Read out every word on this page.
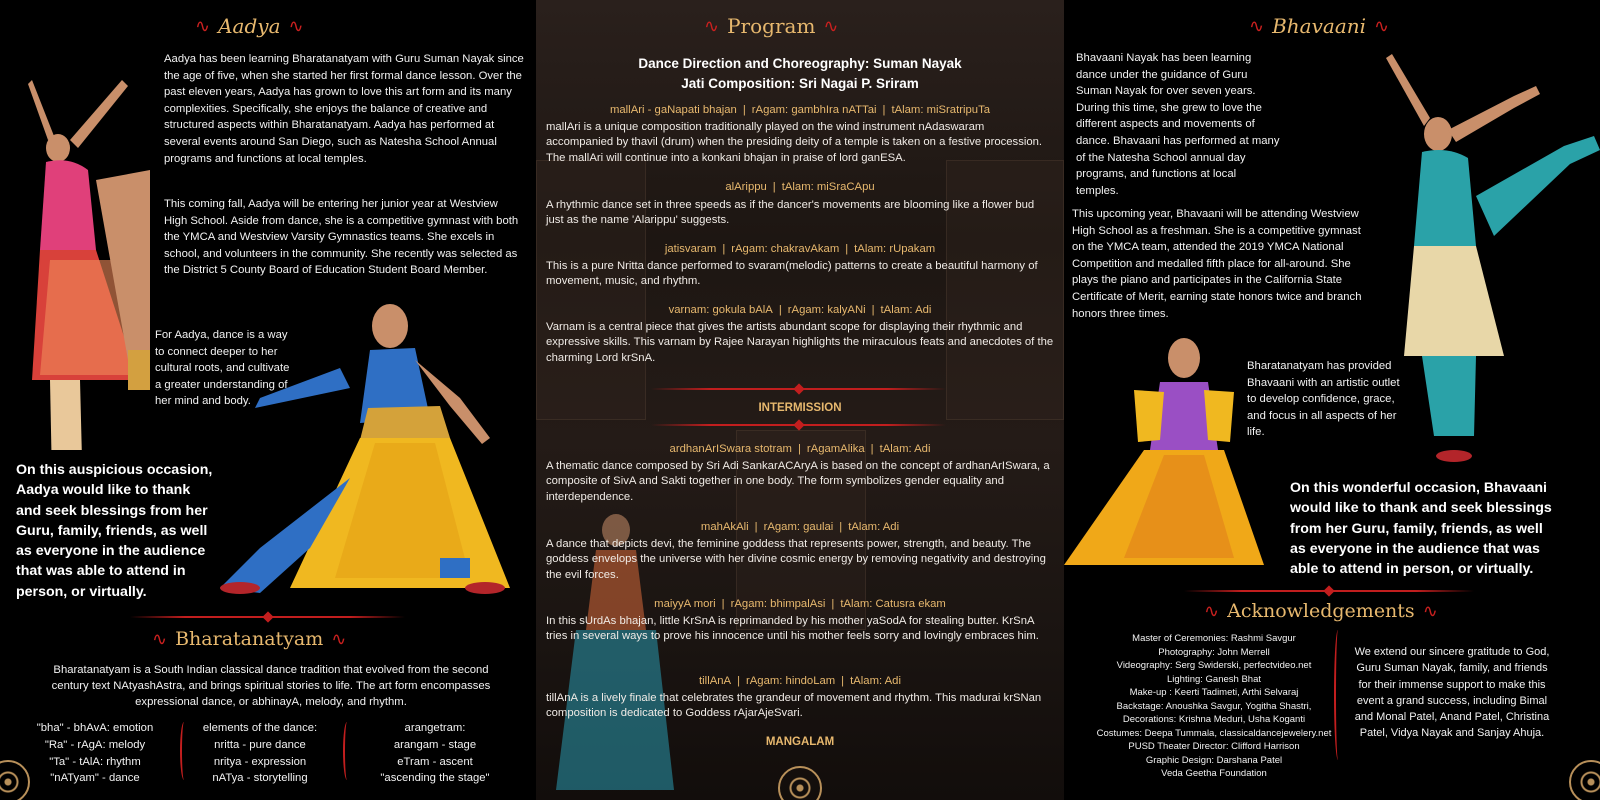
∿ Aadya ∿
Aadya has been learning Bharatanatyam with Guru Suman Nayak since the age of five, when she started her first formal dance lesson. Over the past eleven years, Aadya has grown to love this art form and its many complexities. Specifically, she enjoys the balance of creative and structured aspects within Bharatanatyam. Aadya has performed at several events around San Diego, such as Natesha School Annual programs and functions at local temples.
This coming fall, Aadya will be entering her junior year at Westview High School. Aside from dance, she is a competitive gymnast with both the YMCA and Westview Varsity Gymnastics teams. She excels in school, and volunteers in the community. She recently was selected as the District 5 County Board of Education Student Board Member.
For Aadya, dance is a way to connect deeper to her cultural roots, and cultivate a greater understanding of her mind and body.
On this auspicious occasion, Aadya would like to thank and seek blessings from her Guru, family, friends, as well as everyone in the audience that was able to attend in person, or virtually.
∿ Bharatanatyam ∿
Bharatanatyam is a South Indian classical dance tradition that evolved from the second century text NAtyashAstra, and brings spiritual stories to life. The art form encompasses expressional dance, or abhinayA, melody, and rhythm.
"bha" - bhAvA: emotion
"Ra" - rAgA: melody
"Ta" - tAlA: rhythm
"nATyam" - dance
elements of the dance:
nritta - pure dance
nritya - expression
nATya - storytelling
arangetram:
arangam - stage
eTram - ascent
"ascending the stage"
∿ Program ∿
Dance Direction and Choreography: Suman Nayak
Jati Composition: Sri Nagai P. Sriram
mallAri - gaNapati bhajan | rAgam: gambhIra nATTai | tAlam: miSratripuTa
mallAri is a unique composition traditionally played on the wind instrument nAdaswaram accompanied by thavil (drum) when the presiding deity of a temple is taken on a festive procession. The mallAri will continue into a konkani bhajan in praise of lord ganESA.
alArippu | tAlam: miSraCApu
A rhythmic dance set in three speeds as if the dancer's movements are blooming like a flower bud just as the name 'Alarippu' suggests.
jatisvaram | rAgam: chakravAkam | tAlam: rUpakam
This is a pure Nritta dance performed to svaram(melodic) patterns to create a beautiful harmony of movement, music, and rhythm.
varnam: gokula bAlA | rAgam: kalyANi | tAlam: Adi
Varnam is a central piece that gives the artists abundant scope for displaying their rhythmic and expressive skills. This varnam by Rajee Narayan highlights the miraculous feats and anecdotes of the charming Lord krSnA.
INTERMISSION
ardhanArISwara stotram | rAgamAlika | tAlam: Adi
A thematic dance composed by Sri Adi SankarACAryA is based on the concept of ardhanArISwara, a composite of SivA and Sakti together in one body. The form symbolizes gender equality and interdependence.
mahAkAli | rAgam: gaulai | tAlam: Adi
A dance that depicts devi, the feminine goddess that represents power, strength, and beauty. The goddess envelops the universe with her divine cosmic energy by removing negativity and destroying the evil forces.
maiyyA mori | rAgam: bhimpalAsi | tAlam: Catusra ekam
In this sUrdAs bhajan, little KrSnA is reprimanded by his mother yaSodA for stealing butter. KrSnA tries in several ways to prove his innocence until his mother feels sorry and lovingly embraces him.
tillAnA | rAgam: hindoLam | tAlam: Adi
tillAnA is a lively finale that celebrates the grandeur of movement and rhythm. This madurai krSNan composition is dedicated to Goddess rAjarAjeSvari.
MANGALAM
∿ Bhavaani ∿
Bhavaani Nayak has been learning dance under the guidance of Guru Suman Nayak for over seven years. During this time, she grew to love the different aspects and movements of dance. Bhavaani has performed at many of the Natesha School annual day programs, and functions at local temples.
This upcoming year, Bhavaani will be attending Westview High School as a freshman. She is a competitive gymnast on the YMCA team, attended the 2019 YMCA National Competition and medalled fifth place for all-around. She plays the piano and participates in the California State Certificate of Merit, earning state honors twice and branch honors three times.
Bharatanatyam has provided Bhavaani with an artistic outlet to develop confidence, grace, and focus in all aspects of her life.
On this wonderful occasion, Bhavaani would like to thank and seek blessings from her Guru, family, friends, as well as everyone in the audience that was able to attend in person, or virtually.
∿ Acknowledgements ∿
Master of Ceremonies: Rashmi Savgur
Photography: John Merrell
Videography: Serg Swiderski, perfectvideo.net
Lighting: Ganesh Bhat
Make-up : Keerti Tadimeti, Arthi Selvaraj
Backstage: Anoushka Savgur, Yogitha Shastri,
Decorations: Krishna Meduri, Usha Koganti
Costumes: Deepa Tummala, classicaldancejewelery.net
PUSD Theater Director: Clifford Harrison
Graphic Design: Darshana Patel
Veda Geetha Foundation
We extend our sincere gratitude to God, Guru Suman Nayak, family, and friends for their immense support to make this event a grand success, including Bimal and Monal Patel, Anand Patel, Christina Patel, Vidya Nayak and Sanjay Ahuja.
